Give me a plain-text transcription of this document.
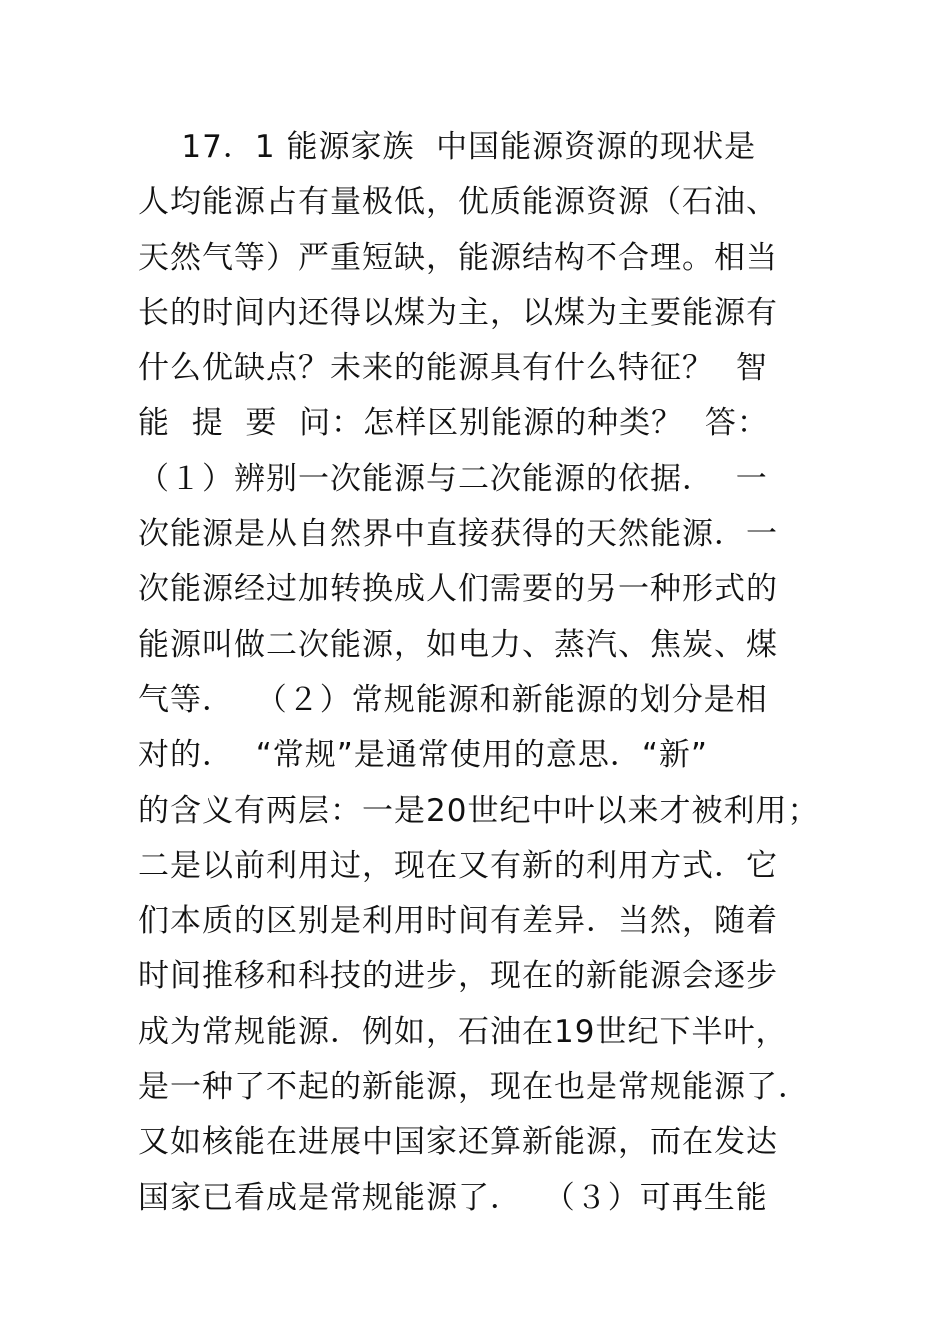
17．1 能源家族  中国能源资源的现状是
人均能源占有量极低，优质能源资源（石油、
天然气等）严重短缺，能源结构不合理。相当
长的时间内还得以煤为主，以煤为主要能源有
什么优缺点？未来的能源具有什么特征？  智
能  提  要  问：怎样区别能源的种类？  答：
（１）辨别一次能源与二次能源的依据．  一
次能源是从自然界中直接获得的天然能源．一
次能源经过加转换成人们需要的另一种形式的
能源叫做二次能源，如电力、蒸汽、焦炭、煤
气等．  （２）常规能源和新能源的划分是相
对的．  “常规”是通常使用的意思．“新”
的含义有两层：一是20世纪中叶以来才被利用；
二是以前利用过，现在又有新的利用方式．它
们本质的区别是利用时间有差异．当然，随着
时间推移和科技的进步，现在的新能源会逐步
成为常规能源．例如，石油在19世纪下半叶，
是一种了不起的新能源，现在也是常规能源了．
又如核能在进展中国家还算新能源，而在发达
国家已看成是常规能源了．  （３）可再生能
